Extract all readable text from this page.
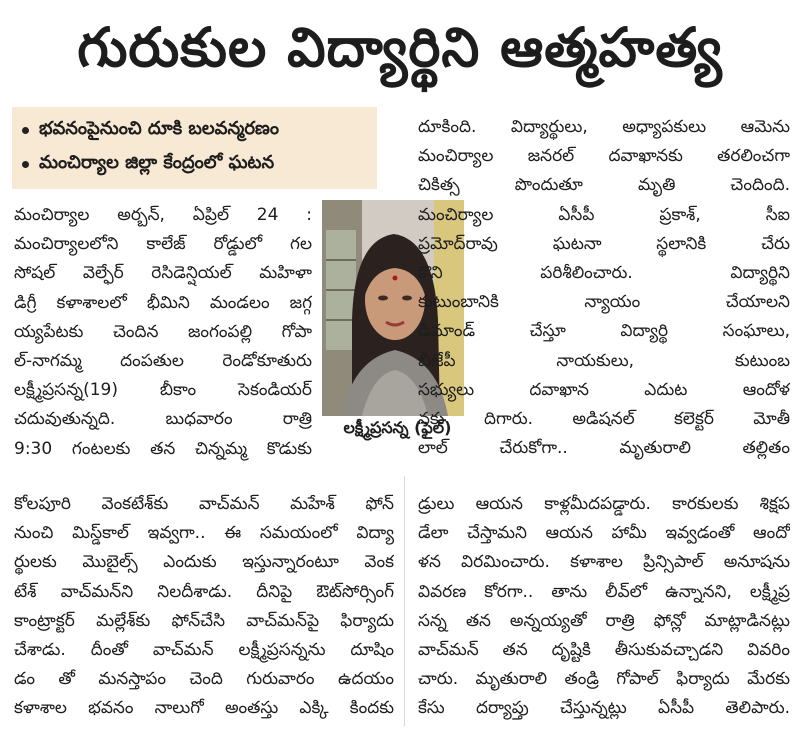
గురుకుల విద్యార్థిని ఆత్మహత్య
భవనంపైనుంచి దూకి బలవన్మరణం
మంచిర్యాల జిల్లా కేంద్రంలో ఘటన
మంచిర్యాల అర్బన్, ఏప్రిల్ 24 :
మంచిర్యాలలోని కాలేజ్ రోడ్డులో గల
సోషల్ వెల్ఫేర్ రెసిడెన్షియల్ మహిళా
డిగ్రీ కళాశాలలో భీమిని మండలం జగ్గ
య్యపేటకు చెందిన జంగంపల్లి గోపా
ల్‌-నాగమ్మ దంపతుల రెండోకూతురు
లక్ష్మీప్రసన్న(19) బీకాం సెకండియర్
చదువుతున్నది. బుధవారం రాత్రి
9:30 గంటలకు తన చిన్నమ్మ కొడుకు
లక్ష్మీప్రసన్న (ఫైల్)
దూకింది. విద్యార్థులు, అధ్యాపకులు ఆమెను
మంచిర్యాల జనరల్ దవాఖానకు తరలించగా
చికిత్స పొందుతూ మృతి చెందింది.
మంచిర్యాల ఏసీపీ ప్రకాశ్, సీఐ
ప్రమోద్‌రావు ఘటనా స్థలానికి చేరు
కొని పరిశీలించారు. విద్యార్థిని
కుటుంబానికి న్యాయం చేయాలని
డిమాండ్ చేస్తూ విద్యార్థి సంఘాలు,
బీజేపీ నాయకులు, కుటుంబ
సభ్యులు దవాఖాన ఎదుట ఆందోళ
నకు దిగారు. అడిషనల్ కలెక్టర్ మోతీ
లాల్ చేరుకోగా.. మృతురాలి తల్లితం
కోలపూరి వెంకటేశ్‌కు వాచ్‌మన్ మహేశ్ ఫోన్
నుంచి మిస్డ్‌కాల్ ఇవ్వగా.. ఈ సమయంలో విద్యా
ర్థులకు మొబైల్స్ ఎందుకు ఇస్తున్నారంటూ వెంక
టేశ్ వాచ్‌మన్‌ని నిలదీశాడు. దీనిపై ఔట్‌సోర్సింగ్
కాంట్రాక్టర్ మల్లేశ్‌కు ఫోన్‌చేసి వాచ్‌మన్‌పై ఫిర్యాదు
చేశాడు. దీంతో వాచ్‌మన్ లక్ష్మీప్రసన్నను దూషిం
డం తో మనస్తాపం చెంది గురువారం ఉదయం
కళాశాల భవనం నాలుగో అంతస్తు ఎక్కి కిందకు
డ్రులు ఆయన కాళ్లమీదపడ్డారు. కారకులకు శిక్షప
డేలా చేస్తామని ఆయన హామీ ఇవ్వడంతో ఆందో
ళన విరమించారు. కళాశాల ప్రిన్సిపాల్ అనూషను
వివరణ కోరగా.. తాను లీవ్‌లో ఉన్నానని, లక్ష్మీప్ర
సన్న తన అన్నయ్యతో రాత్రి ఫోన్లో మాట్లాడినట్లు
వాచ్‌మన్ తన దృష్టికి తీసుకువచ్చాడని వివరిం
చారు. మృతురాలి తండ్రి గోపాల్ ఫిర్యాదు మేరకు
కేసు దర్యాప్తు చేస్తున్నట్లు ఏసీపీ తెలిపారు.
